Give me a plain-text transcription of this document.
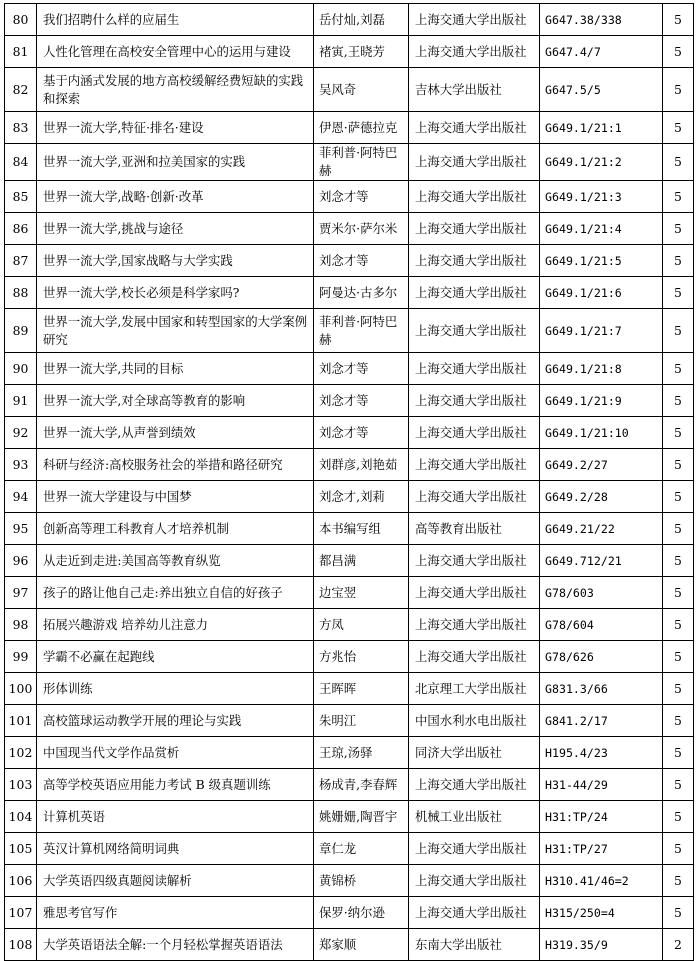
80	我们招聘什么样的应届生	岳付灿,刘磊	上海交通大学出版社	G647.38/338	5
81	人性化管理在高校安全管理中心的运用与建设	褚寅,王晓芳	上海交通大学出版社	G647.4/7	5
82	基于内涵式发展的地方高校缓解经费短缺的实践和探索	吴风奇	吉林大学出版社	G647.5/5	5
83	世界一流大学,特征·排名·建设	伊恩·萨德拉克	上海交通大学出版社	G649.1/21:1	5
84	世界一流大学,亚洲和拉美国家的实践	菲利普·阿特巴赫	上海交通大学出版社	G649.1/21:2	5
85	世界一流大学,战略·创新·改革	刘念才等	上海交通大学出版社	G649.1/21:3	5
86	世界一流大学,挑战与途径	贾米尔·萨尔米	上海交通大学出版社	G649.1/21:4	5
87	世界一流大学,国家战略与大学实践	刘念才等	上海交通大学出版社	G649.1/21:5	5
88	世界一流大学,校长必须是科学家吗?	阿曼达·古多尔	上海交通大学出版社	G649.1/21:6	5
89	世界一流大学,发展中国家和转型国家的大学案例研究	菲利普·阿特巴赫	上海交通大学出版社	G649.1/21:7	5
90	世界一流大学,共同的目标	刘念才等	上海交通大学出版社	G649.1/21:8	5
91	世界一流大学,对全球高等教育的影响	刘念才等	上海交通大学出版社	G649.1/21:9	5
92	世界一流大学,从声誉到绩效	刘念才等	上海交通大学出版社	G649.1/21:10	5
93	科研与经济:高校服务社会的举措和路径研究	刘群彦,刘艳茹	上海交通大学出版社	G649.2/27	5
94	世界一流大学建设与中国梦	刘念才,刘莉	上海交通大学出版社	G649.2/28	5
95	创新高等理工科教育人才培养机制	本书编写组	高等教育出版社	G649.21/22	5
96	从走近到走进:美国高等教育纵览	都昌满	上海交通大学出版社	G649.712/21	5
97	孩子的路让他自己走:养出独立自信的好孩子	边宝翌	上海交通大学出版社	G78/603	5
98	拓展兴趣游戏 培养幼儿注意力	方凤	上海交通大学出版社	G78/604	5
99	学霸不必赢在起跑线	方兆怡	上海交通大学出版社	G78/626	5
100	形体训练	王晖晖	北京理工大学出版社	G831.3/66	5
101	高校篮球运动教学开展的理论与实践	朱明江	中国水利水电出版社	G841.2/17	5
102	中国现当代文学作品赏析	王琼,汤驿	同济大学出版社	H195.4/23	5
103	高等学校英语应用能力考试 B 级真题训练	杨成青,李春辉	上海交通大学出版社	H31-44/29	5
104	计算机英语	姚姗姗,陶晋宇	机械工业出版社	H31:TP/24	5
105	英汉计算机网络简明词典	章仁龙	上海交通大学出版社	H31:TP/27	5
106	大学英语四级真题阅读解析	黄锦桥	上海交通大学出版社	H310.41/46=2	5
107	雅思考官写作	保罗·纳尔逊	上海交通大学出版社	H315/250=4	5
108	大学英语语法全解:一个月轻松掌握英语语法	郑家顺	东南大学出版社	H319.35/9	2
